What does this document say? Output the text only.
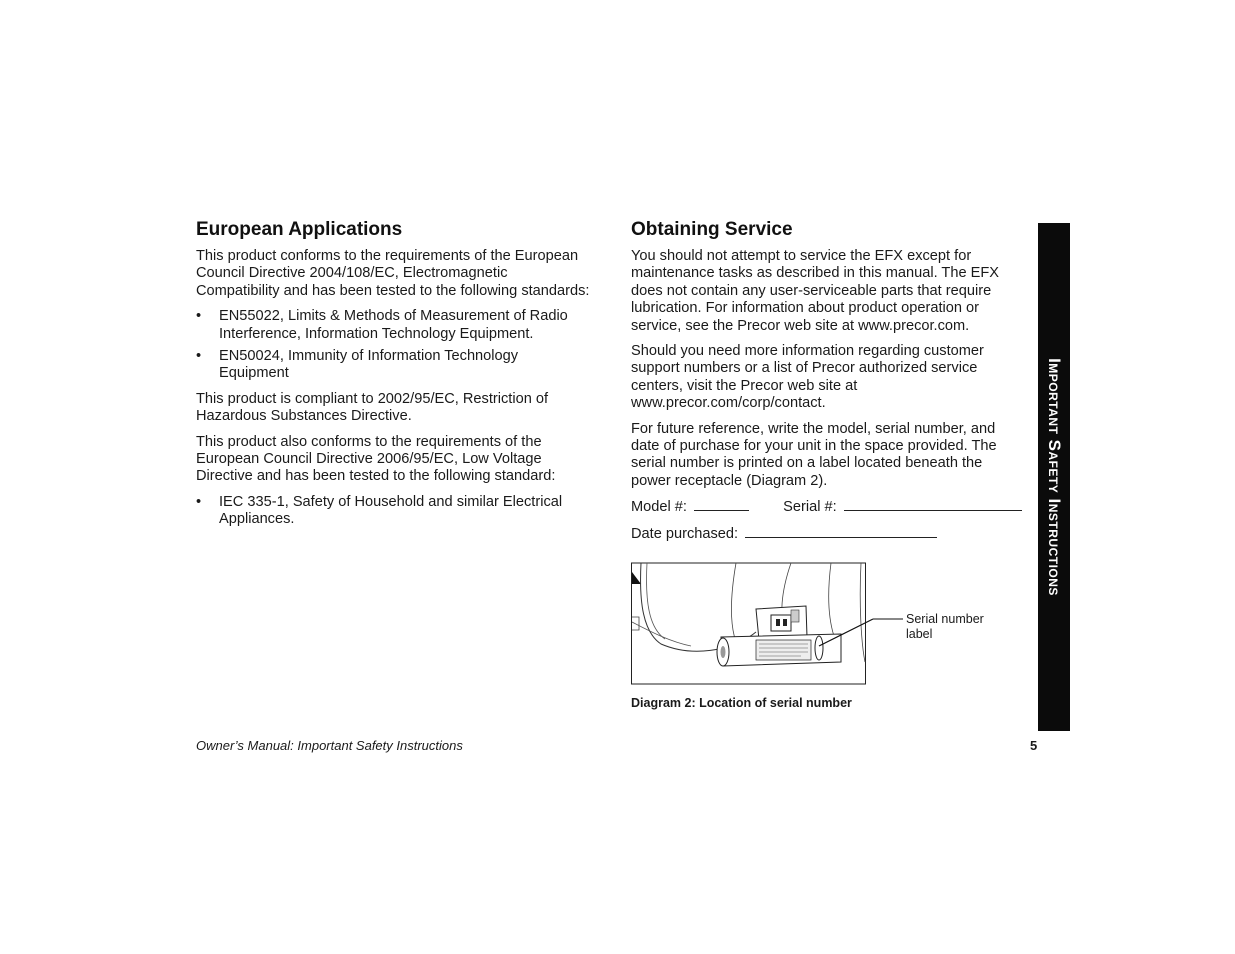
European Applications

This product conforms to the requirements of the European Council Directive 2004/108/EC, Electromagnetic Compatibility and has been tested to the following standards:

• EN55022, Limits & Methods of Measurement of Radio Interference, Information Technology Equipment.
• EN50024, Immunity of Information Technology Equipment

This product is compliant to 2002/95/EC, Restriction of Hazardous Substances Directive.

This product also conforms to the requirements of the European Council Directive 2006/95/EC, Low Voltage Directive and has been tested to the following standard:

• IEC 335-1, Safety of Household and similar Electrical Appliances.
Obtaining Service

You should not attempt to service the EFX except for maintenance tasks as described in this manual. The EFX does not contain any user-serviceable parts that require lubrication. For information about product operation or service, see the Precor web site at www.precor.com.

Should you need more information regarding customer support numbers or a list of Precor authorized service centers, visit the Precor web site at www.precor.com/corp/contact.

For future reference, write the model, serial number, and date of purchase for your unit in the space provided. The serial number is printed on a label located beneath the power receptacle (Diagram 2).

Model #:	Serial #:
Date purchased:
Serial number
label
Diagram 2: Location of serial number
Important Safety Instructions
Owner’s Manual: Important Safety Instructions	5
